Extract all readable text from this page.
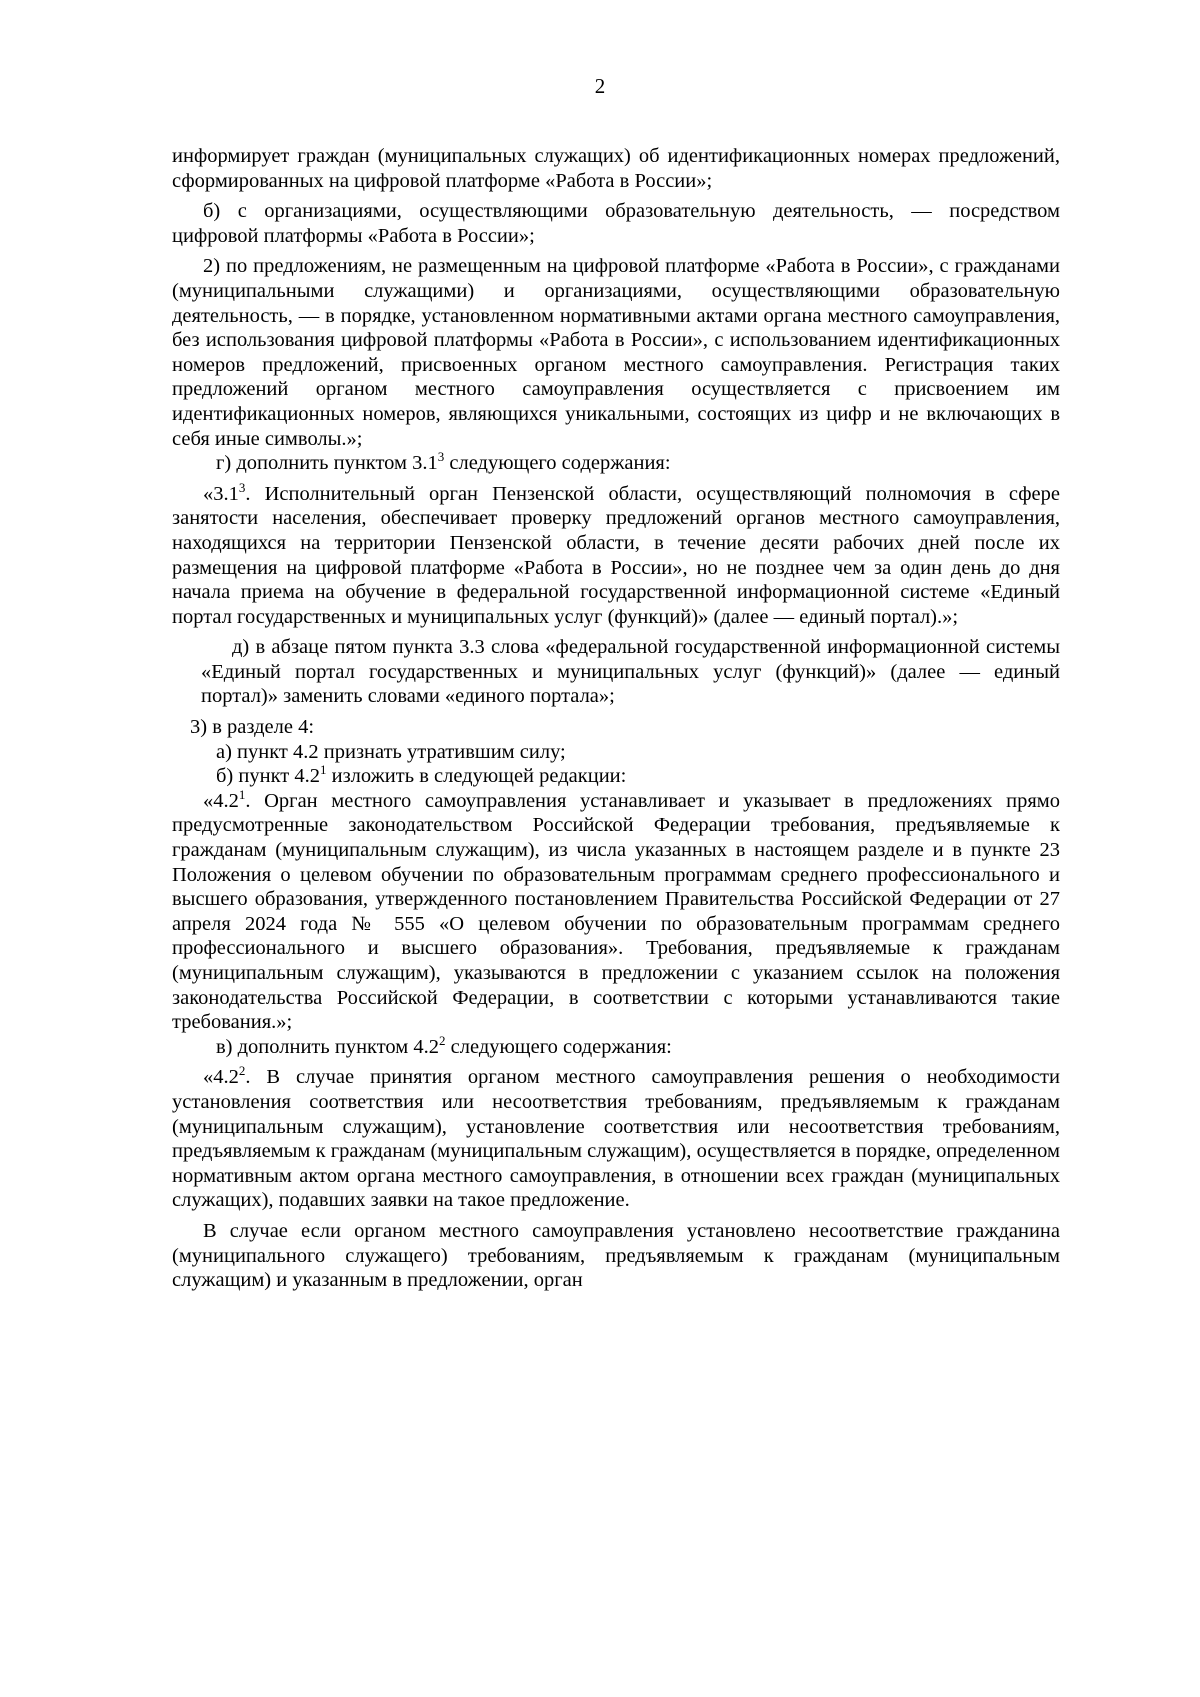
2

информирует граждан (муниципальных служащих) об идентификационных номерах предложений, сформированных на цифровой платформе «Работа в России»;

б) с организациями, осуществляющими образовательную деятельность, — посредством цифровой платформы «Работа в России»;

2) по предложениям, не размещенным на цифровой платформе «Работа в России», с гражданами (муниципальными служащими) и организациями, осуществляющими образовательную деятельность, — в порядке, установленном нормативными актами органа местного самоуправления, без использования цифровой платформы «Работа в России», с использованием идентификационных номеров предложений, присвоенных органом местного самоуправления. Регистрация таких предложений органом местного самоуправления осуществляется с присвоением им идентификационных номеров, являющихся уникальными, состоящих из цифр и не включающих в себя иные символы.»;

г) дополнить пунктом $3.1^3$ следующего содержания:

«$3.1^3$. Исполнительный орган Пензенской области, осуществляющий полномочия в сфере занятости населения, обеспечивает проверку предложений органов местного самоуправления, находящихся на территории Пензенской области, в течение десяти рабочих дней после их размещения на цифровой платформе «Работа в России», но не позднее чем за один день до дня начала приема на обучение в федеральной государственной информационной системе «Единый портал государственных и муниципальных услуг (функций)» (далее — единый портал).»;

д) в абзаце пятом пункта 3.3 слова «федеральной государственной информационной системы «Единый портал государственных и муниципальных услуг (функций)» (далее — единый портал)» заменить словами «единого портала»;

3) в разделе 4:

а) пункт 4.2 признать утратившим силу;

б) пункт $4.2^1$ изложить в следующей редакции:

«$4.2^1$. Орган местного самоуправления устанавливает и указывает в предложениях прямо предусмотренные законодательством Российской Федерации требования, предъявляемые к гражданам (муниципальным служащим), из числа указанных в настоящем разделе и в пункте 23 Положения о целевом обучении по образовательным программам среднего профессионального и высшего образования, утвержденного постановлением Правительства Российской Федерации от 27 апреля 2024 года № 555 «О целевом обучении по образовательным программам среднего профессионального и высшего образования». Требования, предъявляемые к гражданам (муниципальным служащим), указываются в предложении с указанием ссылок на положения законодательства Российской Федерации, в соответствии с которыми устанавливаются такие требования.»;

в) дополнить пунктом $4.2^2$ следующего содержания:

«$4.2^2$. В случае принятия органом местного самоуправления решения о необходимости установления соответствия или несоответствия требованиям, предъявляемым к гражданам (муниципальным служащим), установление соответствия или несоответствия требованиям, предъявляемым к гражданам (муниципальным служащим), осуществляется в порядке, определенном нормативным актом органа местного самоуправления, в отношении всех граждан (муниципальных служащих), подавших заявки на такое предложение.

В случае если органом местного самоуправления установлено несоответствие гражданина (муниципального служащего) требованиям, предъявляемым к гражданам (муниципальным служащим) и указанным в предложении, орган
